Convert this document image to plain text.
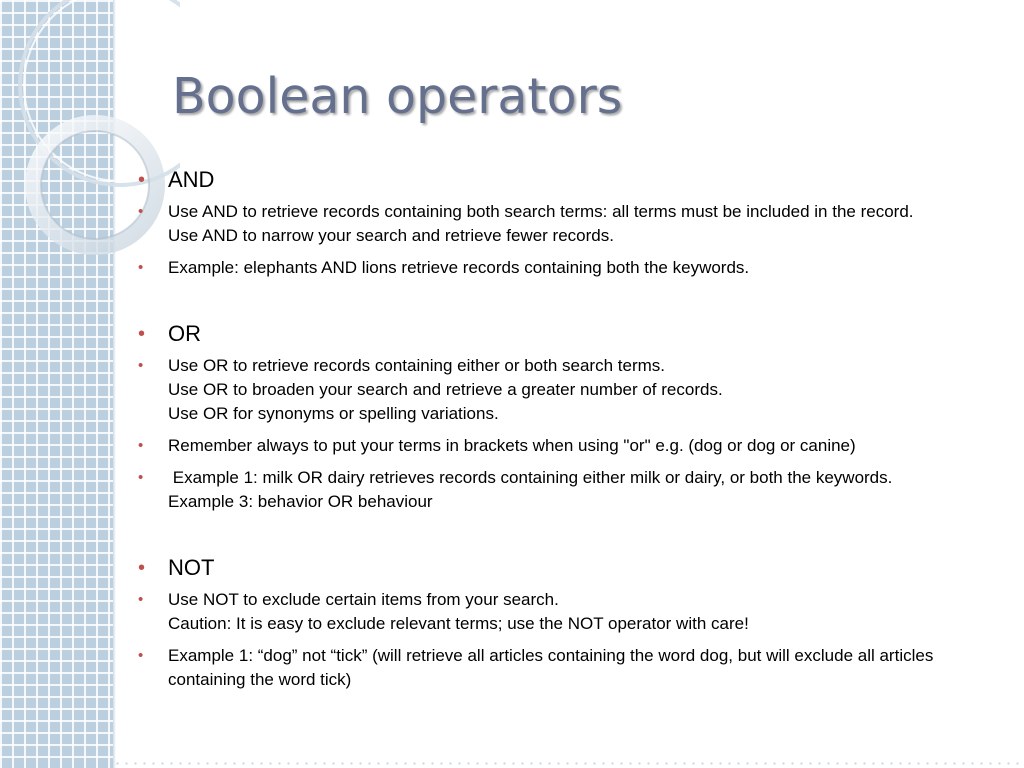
Boolean operators
• AND
• Use AND to retrieve records containing both search terms: all terms must be included in the record.
Use AND to narrow your search and retrieve fewer records.
• Example: elephants AND lions retrieve records containing both the keywords.
• OR
• Use OR to retrieve records containing either or both search terms.
Use OR to broaden your search and retrieve a greater number of records.
Use OR for synonyms or spelling variations.
• Remember always to put your terms in brackets when using "or" e.g. (dog or dog or canine)
• Example 1: milk OR dairy retrieves records containing either milk or dairy, or both the keywords.
Example 3: behavior OR behaviour
• NOT
• Use NOT to exclude certain items from your search.
Caution: It is easy to exclude relevant terms; use the NOT operator with care!
• Example 1: “dog” not “tick” (will retrieve all articles containing the word dog, but will exclude all articles containing the word tick)
